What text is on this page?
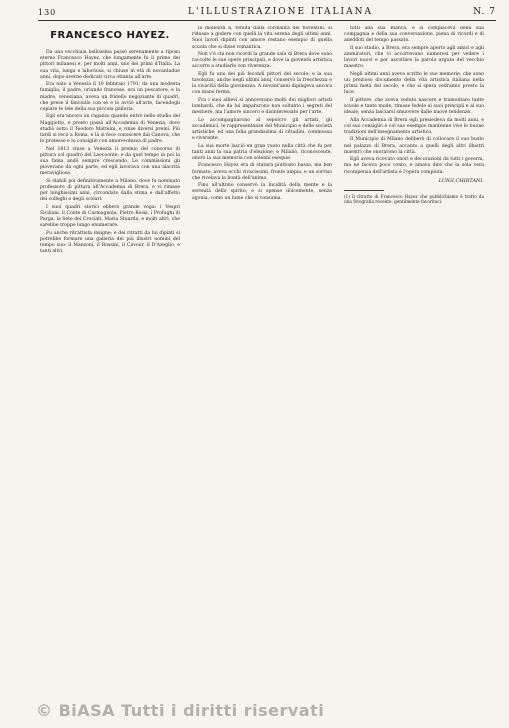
130	L'ILLUSTRAZIONE ITALIANA	N. 7
FRANCESCO HAYEZ.

Da una vecchiaia bellissima passò serenamente a riposo eterno Francesco Hayez, che lungamente fu il primo dei pittori milanesi e, per molti anni, uno dei primi d'Italia. La sua vita, lunga e laboriosa, si chiuse in età di novantadue anni, dopo averne dedicati circa ottanta all'arte.

Era nato a Venezia il 10 febbraio 1791, da una modesta famiglia; il padre, oriundo francese, era un pescatore, e la madre, veneziana, aveva un fratello negoziante di quadri, che prese il fanciullo con sè e lo avviò all'arte, facendogli copiare le tele della sua piccola galleria.

Egli era ancora un ragazzo quando entrò nello studio del Maggiotto, e presto passò all'Accademia di Venezia, dove studiò sotto il Teodoro Matteini, e vinse diversi premi. Più tardi si recò a Roma, e là si fece conoscere dal Canova, che lo protesse e lo consigliò con amorevolezza di padre.

Nel 1813 vinse a Venezia il premio del concorso di pittura col quadro del Laocoonte; e da quel tempo in poi la sua fama andò sempre crescendo. Le commissioni gli piovevano da ogni parte, ed egli lavorava con una alacrità meravigliosa.

Si stabilì poi definitivamente a Milano, dove fu nominato professore di pittura all'Accademia di Brera, e vi rimase per lunghissimi anni, circondato dalla stima e dall'affetto dei colleghi e degli scolari.

I suoi quadri storici ebbero grande voga: i Vespri Siciliani, il Conte di Carmagnola, Pietro Rossi, i Profughi di Parga, la Sete dei Crociati, Maria Stuarda, e molti altri, che sarebbe troppo lungo enumerare.

Fu anche ritrattista insigne; e dei ritratti da lui dipinti si potrebbe formare una galleria dei più illustri uomini del tempo suo: il Manzoni, il Rossini, il Cavour, il D'Azeglio, e tanti altri.

la mollezza li, tenuta dalla cordialità dei fiorentini, si ridusse a godere con quelli la vita serena degli ultimi anni. Suoi lavori dipinti con amore restano esempio di quella scuola che si disse romantica.

Non v'è chi non ricordi la grande sala di Brera dove sono raccolte le sue opere principali, e dove la gioventù artistica accorre a studiarle con riverenza.

Egli fu uno dei più fecondi pittori del secolo; e la sua tavolozza, anche negli ultimi anni, conservò la freschezza e la vivacità della giovinezza. A novant'anni dipingeva ancora con mano ferma.

Fra i suoi allievi si annoverano molti dei migliori artisti lombardi, che da lui impararono non soltanto i segreti del mestiere, ma l'amore sincero e disinteressato per l'arte.

Lo accompagnarono al sepolcro gli artisti, gli accademici, le rappresentanze del Municipio e delle società artistiche, ed una folla grandissima di cittadini, commossa e riverente.

La sua morte lasciò un gran vuoto nella città che fu per tanti anni la sua patria d'elezione; e Milano, riconoscente, onorò la sua memoria con solenni esequie.

Francesco Hayez era di statura piuttosto bassa, ma ben formato; aveva occhi vivacissimi, fronte ampia, e un sorriso che rivelava la bontà dell'animo.

Fino all'ultimo conservò la lucidità della mente e la serenità dello spirito; e si spense dolcemente, senza agonia, come un lume che si consuma.

tutti alla sua Bianca, e si compiaceva della sua compagnia e della sua conversazione, piena di ricordi e di aneddoti del tempo passato.

Il suo studio, a Brera, era sempre aperto agli amici e agli ammiratori, che vi accorrevano numerosi per vedere i lavori nuovi e per ascoltare la parola arguta del vecchio maestro.

Negli ultimi anni aveva scritto le sue memorie, che sono un prezioso documento della vita artistica italiana nella prima metà del secolo, e che si spera vedranno presto la luce.

Il pittore, che aveva veduto nascere e tramontare tante scuole e tante mode, rimase fedele ai suoi principii e al suo ideale, senza lasciarsi smuovere dalle nuove tendenze.

Alla Accademia di Brera egli presiedeva da molti anni, e col suo consiglio e col suo esempio mantenne vive le buone tradizioni dell'insegnamento artistico.

Il Municipio di Milano deliberò di collocare il suo busto nel palazzo di Brera, accanto a quelli degli altri illustri maestri che onorarono la città.

Egli aveva ricevuto onori e decorazioni da tutti i governi, ma ne faceva poco conto, e amava dire che la sola vera ricompensa dell'artista è l'opera compiuta.

LUIGI CHIRTANI.

(1) Il ritratto di Francesco Hayez che pubblichiamo è tratto da una fotografia recente, gentilmente favoritaci.

© BiASA Tutti i diritti riservati
